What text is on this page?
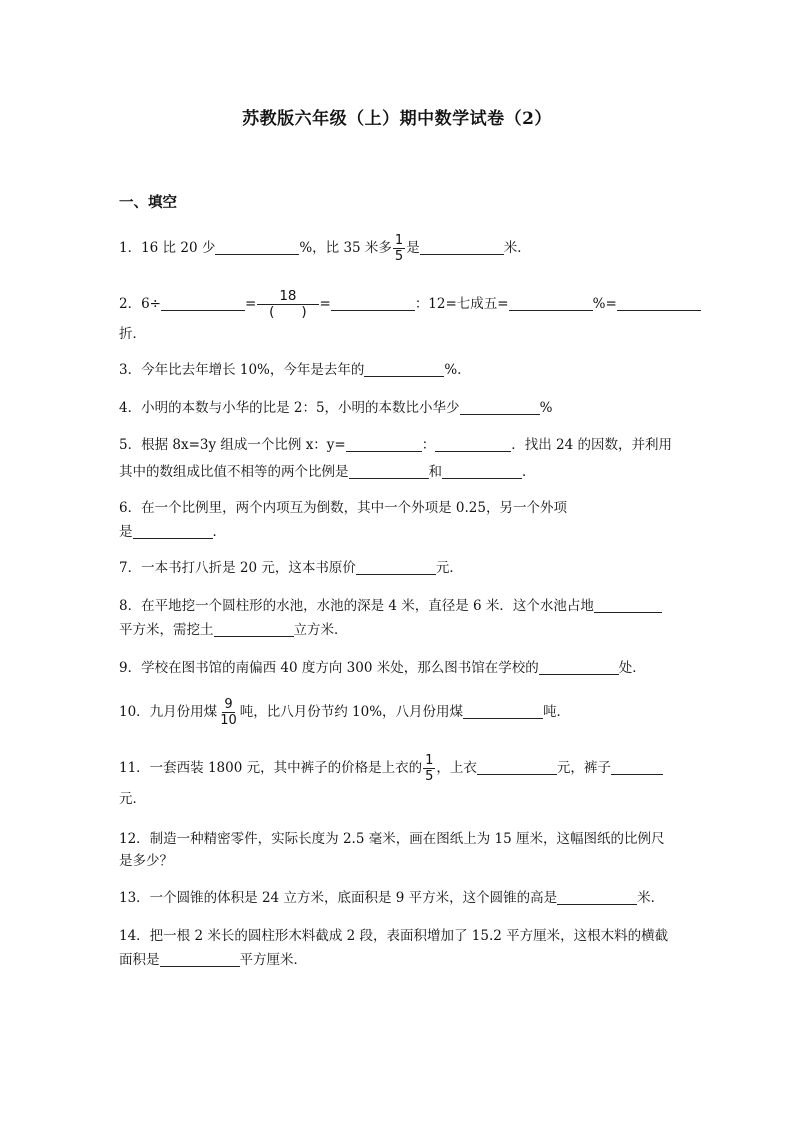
苏教版六年级（上）期中数学试卷（2）
一、填空
1．16 比 20 少	%，比 35 米多 $\frac{1}{5}$ 是	米．
2．6÷	= $\frac{18}{( )}$ =	：12=七成五=	%=
折．
3．今年比去年增长 10%，今年是去年的	%．
4．小明的本数与小华的比是 2：5，小明的本数比小华少	%
5．根据 8x=3y 组成一个比例 x：y=	：	．找出 24 的因数，并利用
其中的数组成比值不相等的两个比例是	和	．
6．在一个比例里，两个内项互为倒数，其中一个外项是 0.25，另一个外项
是	．
7．一本书打八折是 20 元，这本书原价	元．
8．在平地挖一个圆柱形的水池，水池的深是 4 米，直径是 6 米．这个水池占地
平方米，需挖土	立方米．
9．学校在图书馆的南偏西 40 度方向 300 米处，那么图书馆在学校的	处．
10．九月份用煤 $\frac{9}{10}$ 吨，比八月份节约 10%，八月份用煤	吨．
11．一套西装 1800 元，其中裤子的价格是上衣的 $\frac{1}{5}$ ，上衣	元，裤子
元．
12．制造一种精密零件，实际长度为 2.5 毫米，画在图纸上为 15 厘米，这幅图纸的比例尺
是多少？
13．一个圆锥的体积是 24 立方米，底面积是 9 平方米，这个圆锥的高是	米．
14．把一根 2 米长的圆柱形木料截成 2 段，表面积增加了 15.2 平方厘米，这根木料的横截
面积是	平方厘米．
